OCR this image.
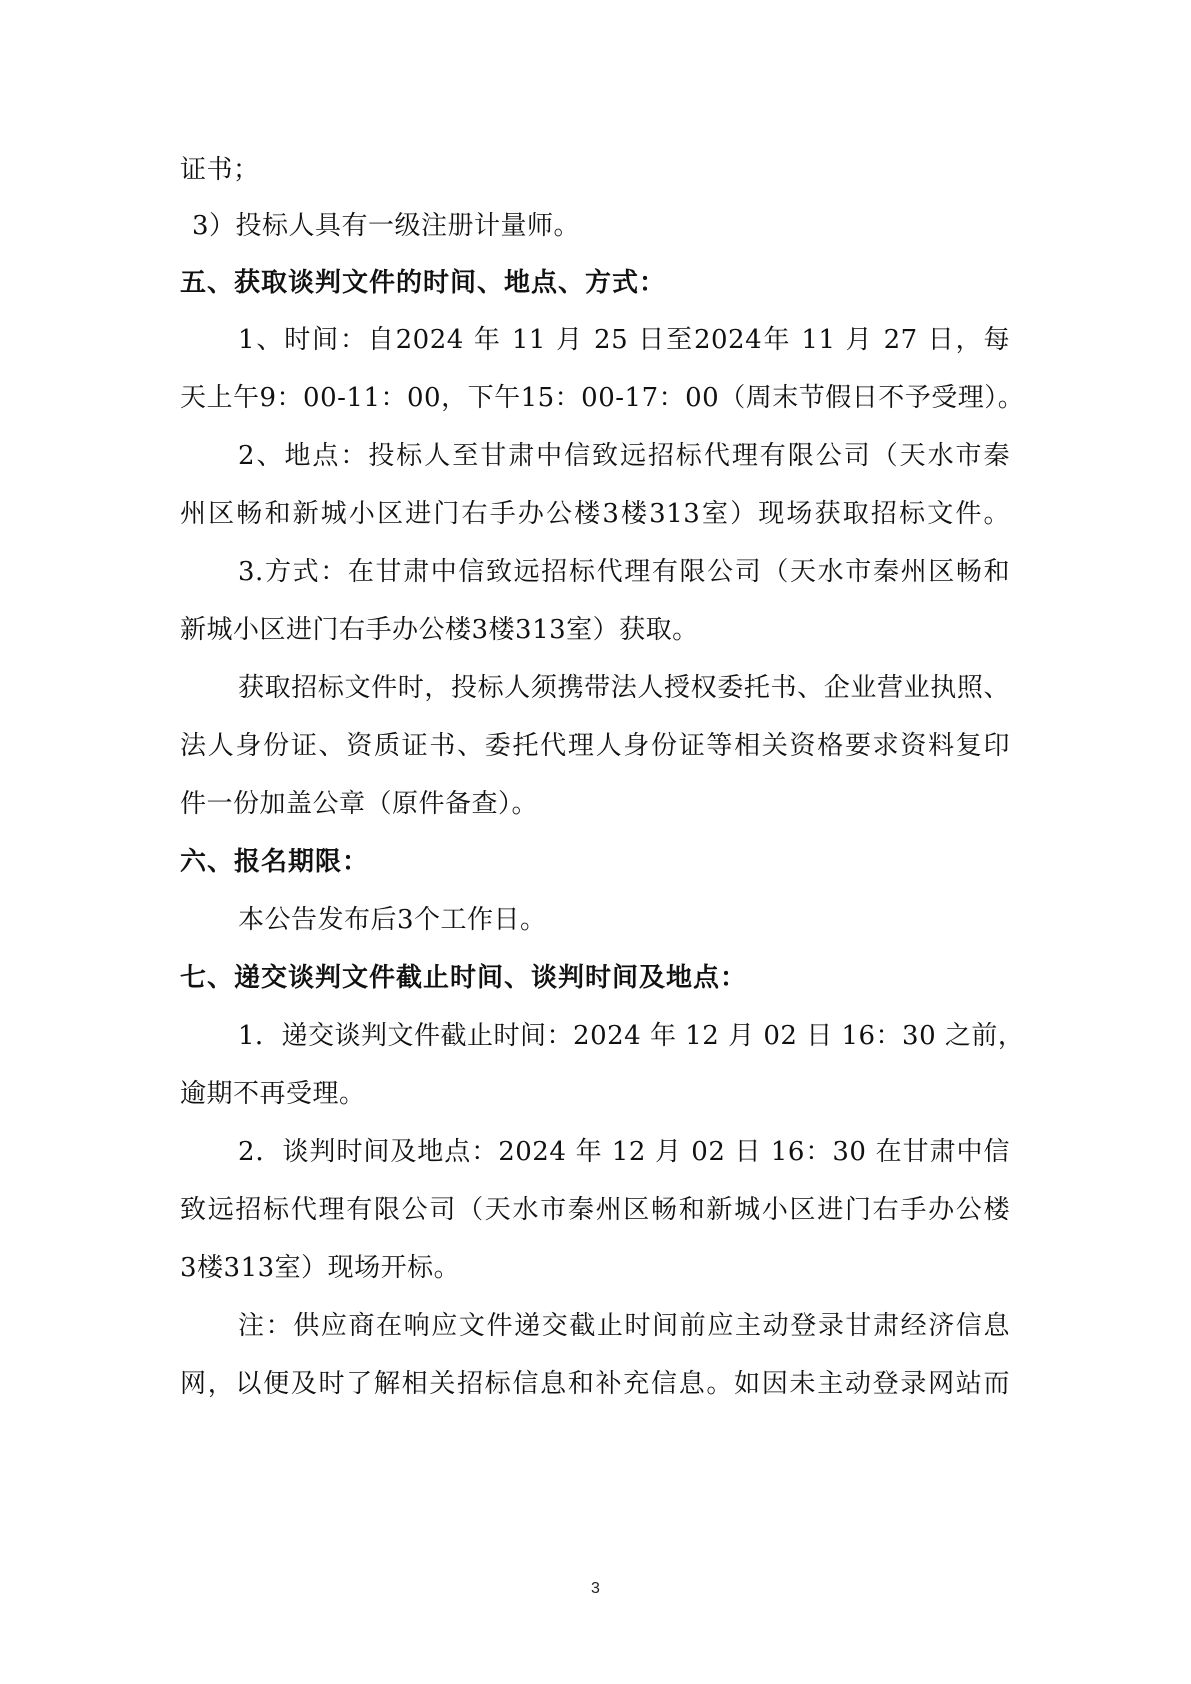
证书；
3）投标人具有一级注册计量师。
五、获取谈判文件的时间、地点、方式：
1、时间：自2024 年 11 月 25 日至2024年 11 月 27 日，每
天上午9：00-11：00，下午15：00-17：00（周末节假日不予受理）。
2、地点：投标人至甘肃中信致远招标代理有限公司（天水市秦
州区畅和新城小区进门右手办公楼3楼313室）现场获取招标文件。
3.方式：在甘肃中信致远招标代理有限公司（天水市秦州区畅和
新城小区进门右手办公楼3楼313室）获取。
获取招标文件时，投标人须携带法人授权委托书、企业营业执照、
法人身份证、资质证书、委托代理人身份证等相关资格要求资料复印
件一份加盖公章（原件备查）。
六、报名期限：
本公告发布后3个工作日。
七、递交谈判文件截止时间、谈判时间及地点：
1．递交谈判文件截止时间：2024 年 12 月 02 日 16：30 之前，
逾期不再受理。
2．谈判时间及地点：2024 年 12 月 02 日 16：30 在甘肃中信
致远招标代理有限公司（天水市秦州区畅和新城小区进门右手办公楼
3楼313室）现场开标。
注：供应商在响应文件递交截止时间前应主动登录甘肃经济信息
网，以便及时了解相关招标信息和补充信息。如因未主动登录网站而
3
